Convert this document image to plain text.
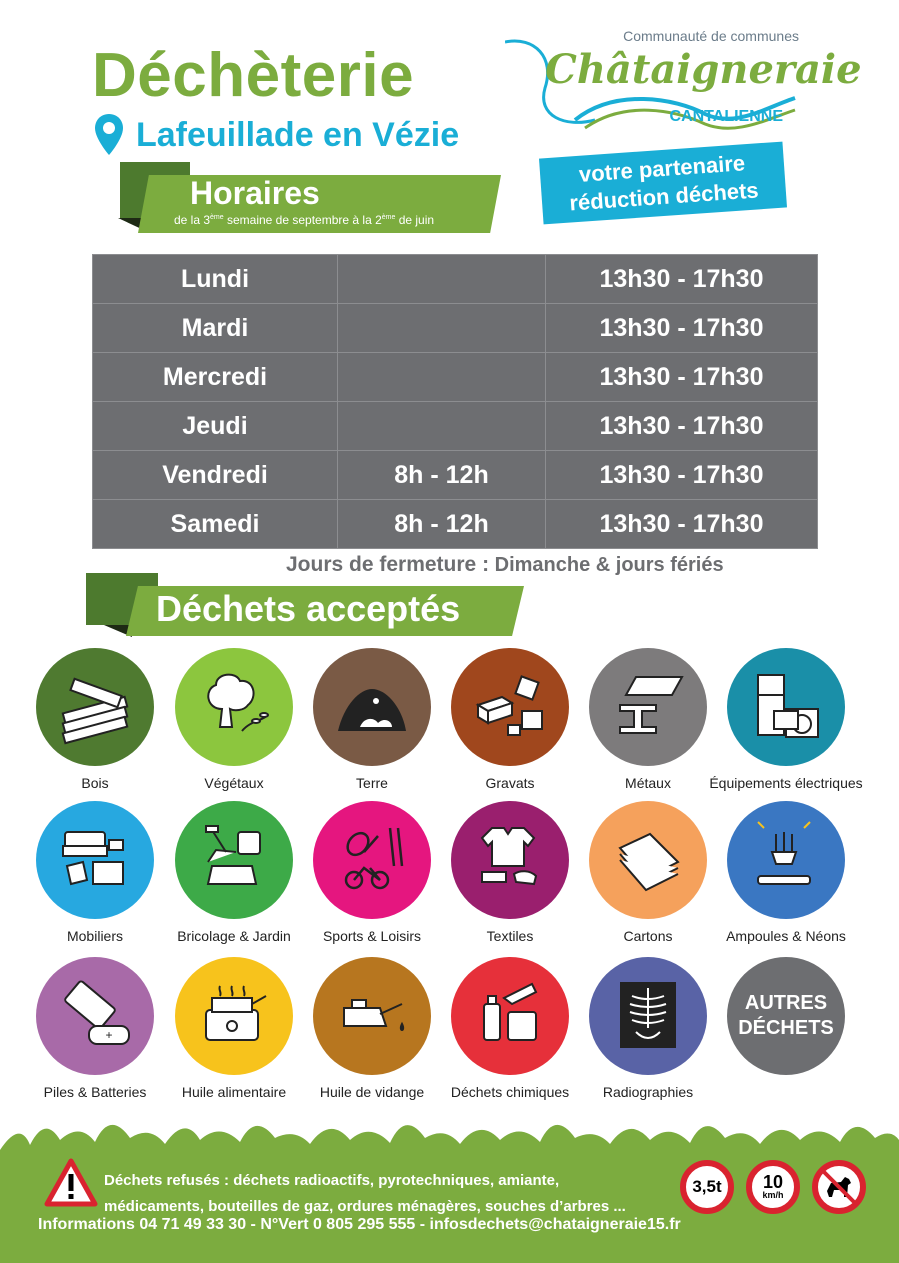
Déchèterie
Lafeuillade en Vézie
Communauté de communes
Châtaigneraie
CANTALIENNE
votre partenaire
réduction déchets
Horaires
de la 3ème semaine de septembre à la 2ème de juin
Lundi		13h30 - 17h30
Mardi		13h30 - 17h30
Mercredi		13h30 - 17h30
Jeudi		13h30 - 17h30
Vendredi	8h - 12h	13h30 - 17h30
Samedi	8h - 12h	13h30 - 17h30
Jours de fermeture : Dimanche & jours fériés
Déchets acceptés
Bois	Végétaux	Terre	Gravats	Métaux	Équipements électriques
Mobiliers	Bricolage & Jardin	Sports & Loisirs	Textiles	Cartons	Ampoules & Néons
+
Piles & Batteries	Huile alimentaire	Huile de vidange	Déchets chimiques	Radiographies
AUTRES
DÉCHETS
Déchets refusés : déchets radioactifs, pyrotechniques, amiante,
médicaments, bouteilles de gaz, ordures ménagères, souches d’arbres ...
Informations 04 71 49 33 30 - N°Vert 0 805 295 555 - infosdechets@chataigneraie15.fr
3,5t 10
km/h
